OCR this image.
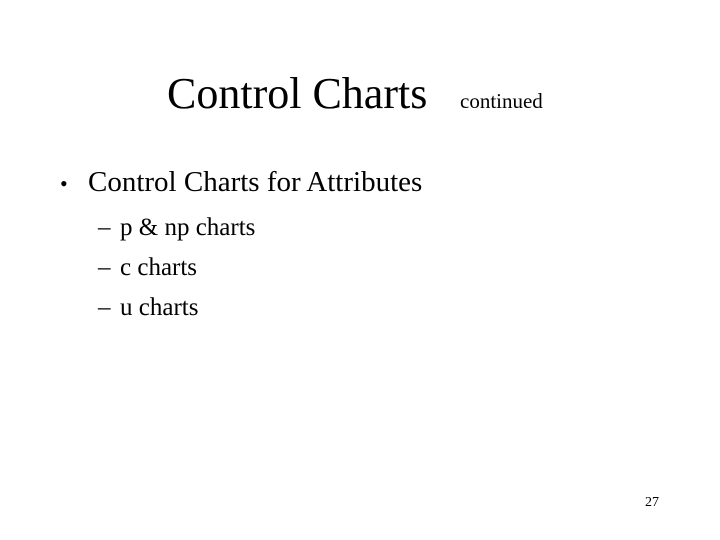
Control Charts continued
• Control Charts for Attributes
– p & np charts
– c charts
– u charts
27
